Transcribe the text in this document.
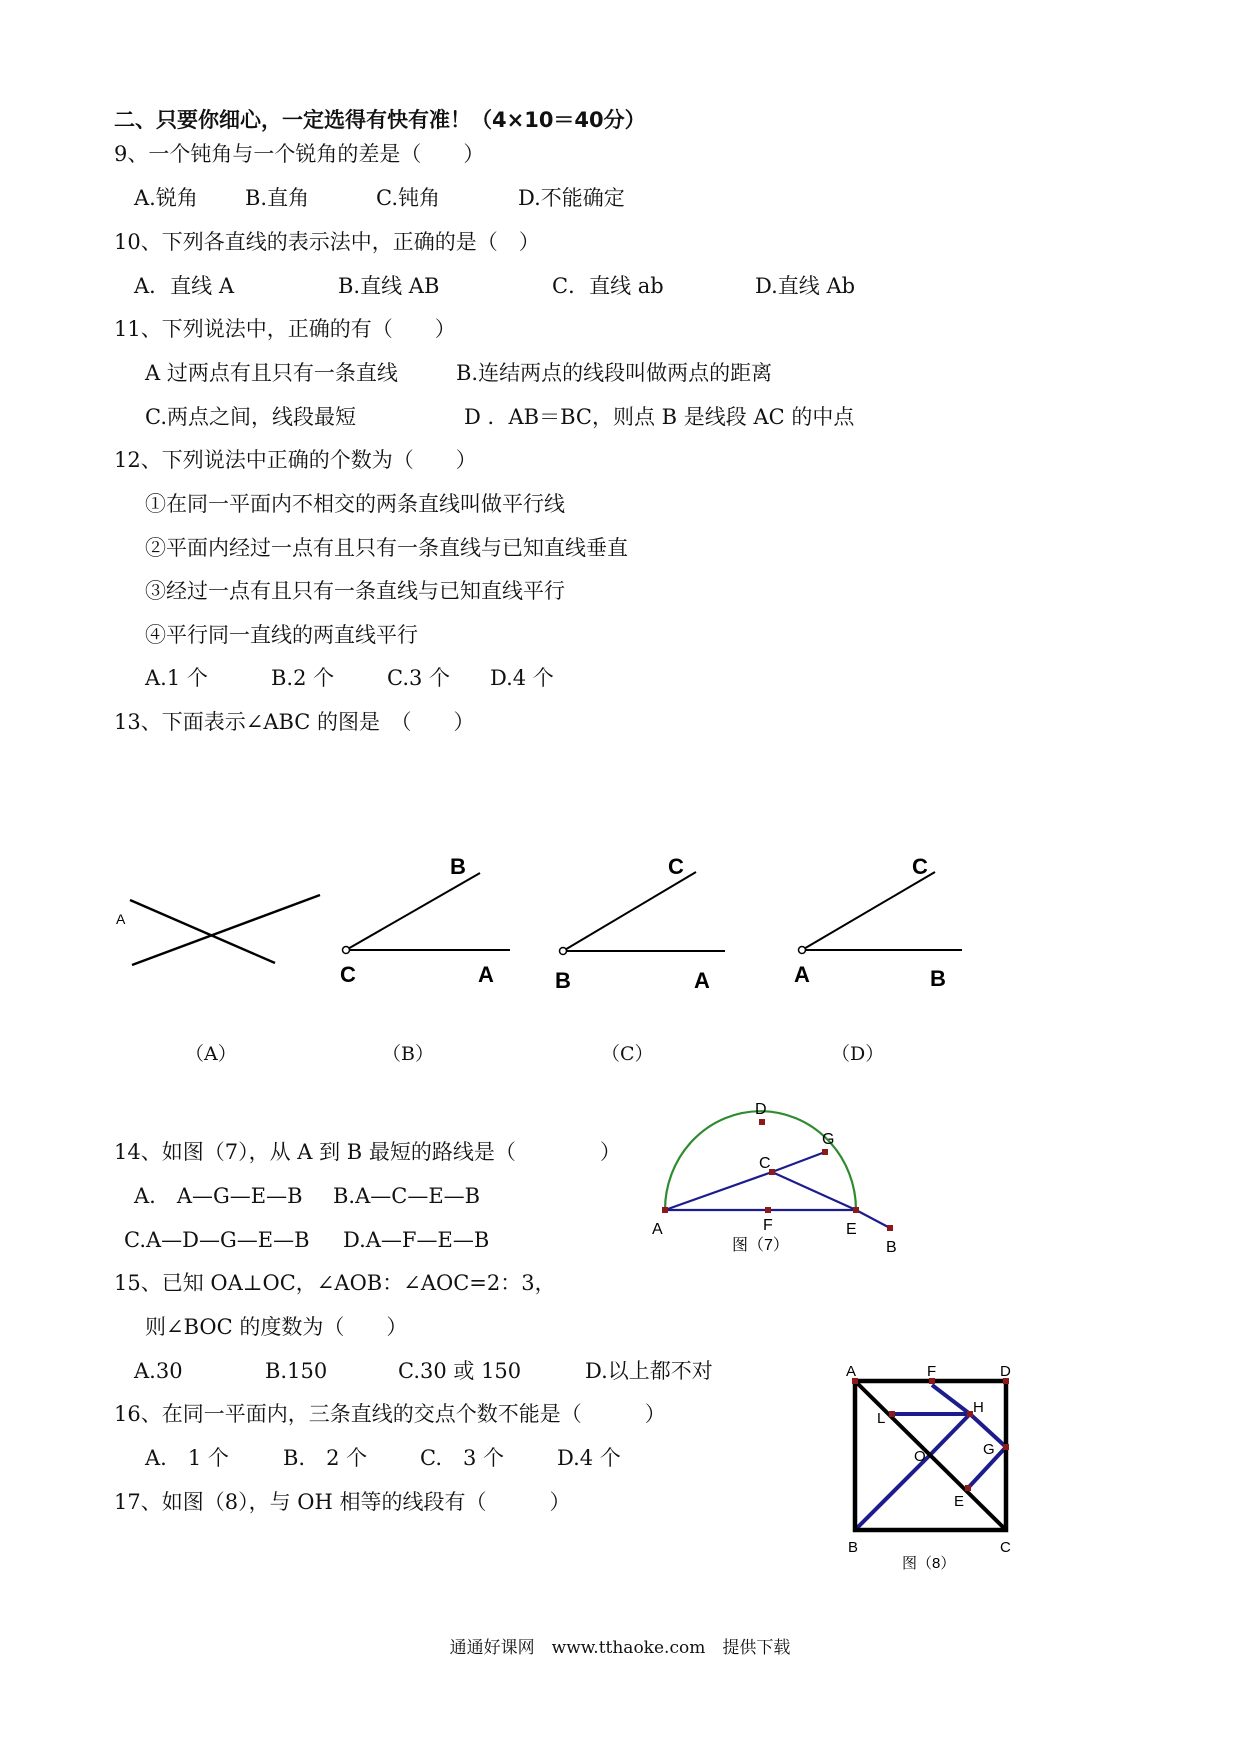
二、只要你细心，一定选得有快有准！（4×10＝40分）
9、一个钝角与一个锐角的差是（　　）
A.锐角 B.直角	C.钝角	D.不能确定
10、下列各直线的表示法中，正确的是（　）
A．直线 A	B.直线 AB	C．直线 ab	D.直线 Ab
11、下列说法中，正确的有（　　）
A 过两点有且只有一条直线	B.连结两点的线段叫做两点的距离
C.两点之间，线段最短	D ．AB＝BC，则点 B 是线段 AC 的中点
12、下列说法中正确的个数为（　　）
①在同一平面内不相交的两条直线叫做平行线
②平面内经过一点有且只有一条直线与已知直线垂直
③经过一点有且只有一条直线与已知直线平行
④平行同一直线的两直线平行
A.1 个	B.2 个	C.3 个 D.4 个
13、下面表示∠ABC 的图是　（　　）
A
B
C	A
C
B	A
C
A	B
（A）	（B）	（C）	（D）
14、如图（7），从 A 到 B 最短的路线是（　　　　）
A.　A—G—E—B B.A—C—E—B
C.A—D—G—E—B D.A—F—E—B
D
G
C
A	F	E
B
图（7）
15、已知 OA⊥OC，∠AOB：∠AOC=2：3，
则∠BOC 的度数为（　　）
A.30	B.150	C.30 或 150	D.以上都不对
16、在同一平面内，三条直线的交点个数不能是（　　　）
A.　1 个	B.　2 个	C.　3 个	D.4 个
17、如图（8），与 OH 相等的线段有（　　　）
A	F	D
L
H
O	G
E
B	C
图（8）
通通好课网　www.tthaoke.com　提供下载
